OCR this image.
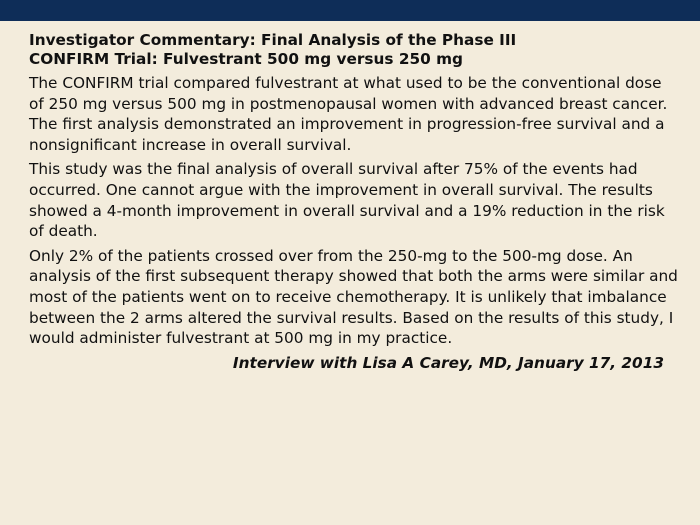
Investigator Commentary: Final Analysis of the Phase III
CONFIRM Trial: Fulvestrant 500 mg versus 250 mg

The CONFIRM trial compared fulvestrant at what used to be the conventional dose of 250 mg versus 500 mg in postmenopausal women with advanced breast cancer. The first analysis demonstrated an improvement in progression-free survival and a nonsignificant increase in overall survival.

This study was the final analysis of overall survival after 75% of the events had occurred. One cannot argue with the improvement in overall survival. The results showed a 4-month improvement in overall survival and a 19% reduction in the risk of death.

Only 2% of the patients crossed over from the 250-mg to the 500-mg dose. An analysis of the first subsequent therapy showed that both the arms were similar and most of the patients went on to receive chemotherapy. It is unlikely that imbalance between the 2 arms altered the survival results. Based on the results of this study, I would administer fulvestrant at 500 mg in my practice.

Interview with Lisa A Carey, MD, January 17, 2013
